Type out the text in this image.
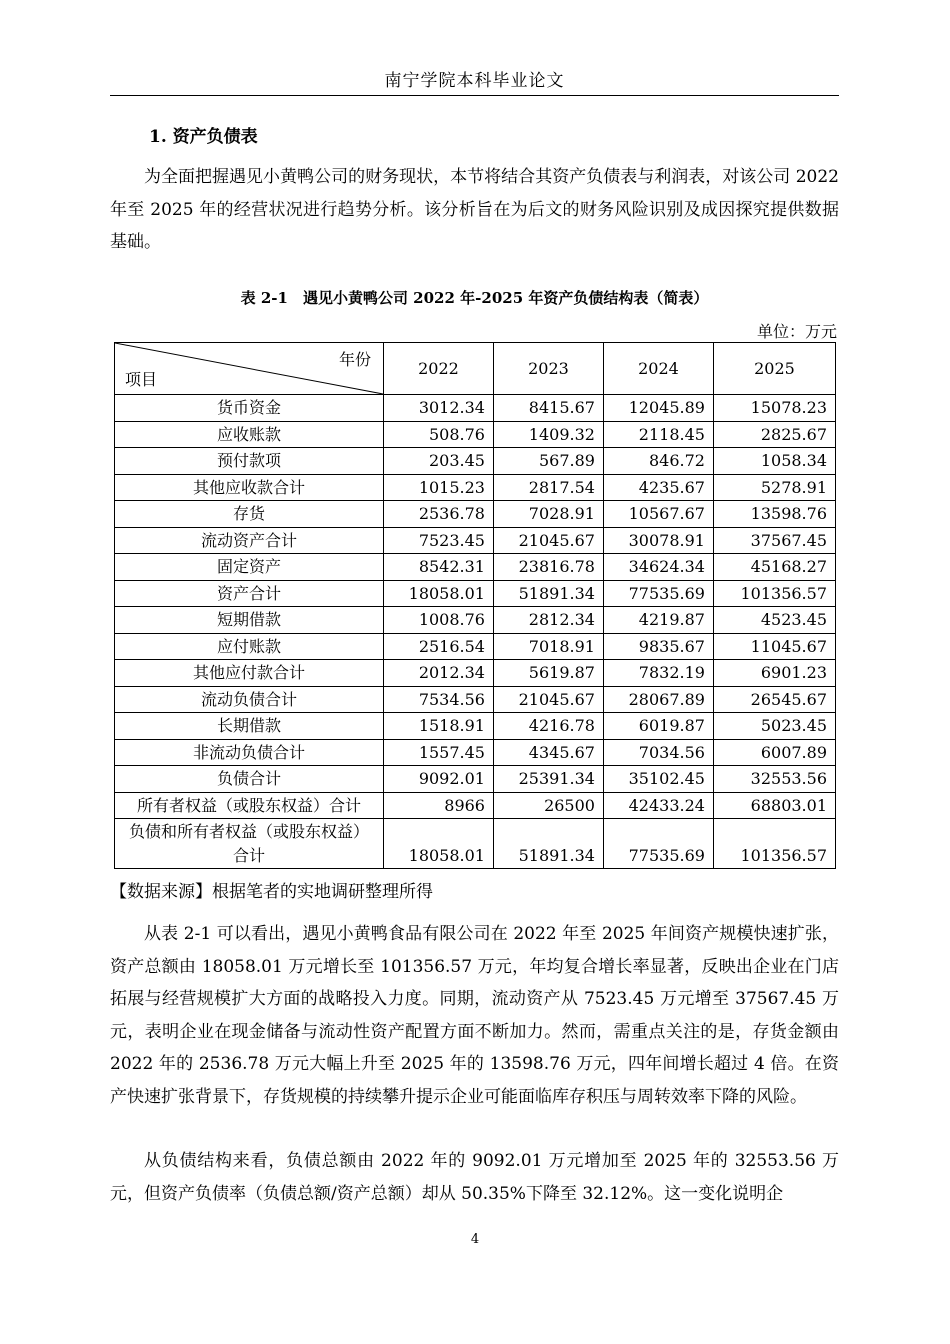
南宁学院本科毕业论文
1. 资产负债表

为全面把握遇见小黄鸭公司的财务现状，本节将结合其资产负债表与利润表，对该公司 2022 年至 2025 年的经营状况进行趋势分析。该分析旨在为后文的财务风险识别及成因探究提供数据基础。

表 2-1　遇见小黄鸭公司 2022 年-2025 年资产负债结构表（简表）
单位：万元
年份
项目	2022	2023	2024	2025
货币资金	3012.34	8415.67	12045.89	15078.23
应收账款	508.76	1409.32	2118.45	2825.67
预付款项	203.45	567.89	846.72	1058.34
其他应收款合计	1015.23	2817.54	4235.67	5278.91
存货	2536.78	7028.91	10567.67	13598.76
流动资产合计	7523.45	21045.67	30078.91	37567.45
固定资产	8542.31	23816.78	34624.34	45168.27
资产合计	18058.01	51891.34	77535.69	101356.57
短期借款	1008.76	2812.34	4219.87	4523.45
应付账款	2516.54	7018.91	9835.67	11045.67
其他应付款合计	2012.34	5619.87	7832.19	6901.23
流动负债合计	7534.56	21045.67	28067.89	26545.67
长期借款	1518.91	4216.78	6019.87	5023.45
非流动负债合计	1557.45	4345.67	7034.56	6007.89
负债合计	9092.01	25391.34	35102.45	32553.56
所有者权益（或股东权益）合计	8966	26500	42433.24	68803.01

负债和所有者权益（或股东权益）
合计	18058.01	51891.34	77535.69	101356.57
【数据来源】根据笔者的实地调研整理所得

从表 2-1 可以看出，遇见小黄鸭食品有限公司在 2022 年至 2025 年间资产规模快速扩张，资产总额由 18058.01 万元增长至 101356.57 万元，年均复合增长率显著，反映出企业在门店拓展与经营规模扩大方面的战略投入力度。同期，流动资产从 7523.45 万元增至 37567.45 万元，表明企业在现金储备与流动性资产配置方面不断加力。然而，需重点关注的是，存货金额由 2022 年的 2536.78 万元大幅上升至 2025 年的 13598.76 万元，四年间增长超过 4 倍。在资产快速扩张背景下，存货规模的持续攀升提示企业可能面临库存积压与周转效率下降的风险。

从负债结构来看，负债总额由 2022 年的 9092.01 万元增加至 2025 年的 32553.56 万元，但资产负债率（负债总额/资产总额）却从 50.35%下降至 32.12%。这一变化说明企

4
